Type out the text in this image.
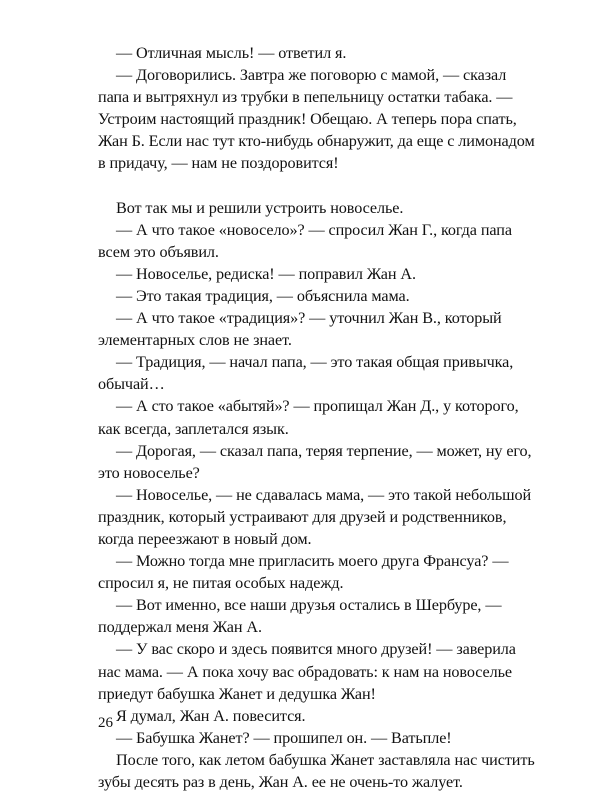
— Отличная мысль! — ответил я.

— Договорились. Завтра же поговорю с мамой, — сказал папа и вытряхнул из трубки в пепельницу остатки табака. — Устроим настоящий праздник! Обещаю. А теперь пора спать, Жан Б. Если нас тут кто-нибудь обнаружит, да еще с лимонадом в придачу, — нам не поздоровится!

Вот так мы и решили устроить новоселье.

— А что такое «новосело»? — спросил Жан Г., когда папа всем это объявил.

— Новоселье, редиска! — поправил Жан А.

— Это такая традиция, — объяснила мама.

— А что такое «традиция»? — уточнил Жан В., который элементарных слов не знает.

— Традиция, — начал папа, — это такая общая привычка, обычай…

— А сто такое «абытяй»? — пропищал Жан Д., у которого, как всегда, заплетался язык.

— Дорогая, — сказал папа, теряя терпение, — может, ну его, это новоселье?

— Новоселье, — не сдавалась мама, — это такой небольшой праздник, который устраивают для друзей и родственников, когда переезжают в новый дом.

— Можно тогда мне пригласить моего друга Франсуа? — спросил я, не питая особых надежд.

— Вот именно, все наши друзья остались в Шербуре, — поддержал меня Жан А.

— У вас скоро и здесь появится много друзей! — заверила нас мама. — А пока хочу вас обрадовать: к нам на новоселье приедут бабушка Жанет и дедушка Жан!

Я думал, Жан А. повесится.

— Бабушка Жанет? — прошипел он. — Ватьпле!

После того, как летом бабушка Жанет заставляла нас чистить зубы десять раз в день, Жан А. ее не очень-то жалует.

26
